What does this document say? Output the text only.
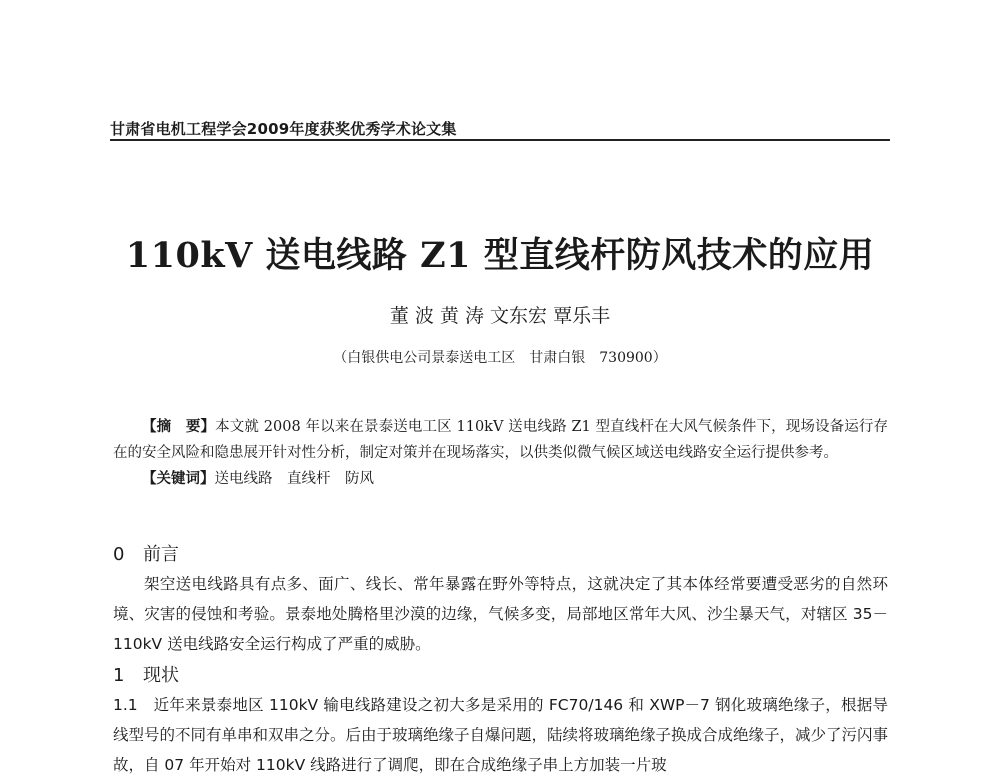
甘肃省电机工程学会2009年度获奖优秀学术论文集
110kV 送电线路 Z1 型直线杆防风技术的应用
董 波 黄 涛 文东宏 覃乐丰
（白银供电公司景泰送电工区　甘肃白银　730900）
【摘　要】本文就 2008 年以来在景泰送电工区 110kV 送电线路 Z1 型直线杆在大风气候条件下，现场设备运行存在的安全风险和隐患展开针对性分析，制定对策并在现场落实，以供类似微气候区域送电线路安全运行提供参考。
【关键词】送电线路　直线杆　防风
0 前言
架空送电线路具有点多、面广、线长、常年暴露在野外等特点，这就决定了其本体经常要遭受恶劣的自然环境、灾害的侵蚀和考验。景泰地处腾格里沙漠的边缘，气候多变，局部地区常年大风、沙尘暴天气，对辖区 35－110kV 送电线路安全运行构成了严重的威胁。
1 现状
1.1　近年来景泰地区 110kV 输电线路建设之初大多是采用的 FC70/146 和 XWP－7 钢化玻璃绝缘子，根据导线型号的不同有单串和双串之分。后由于玻璃绝缘子自爆问题，陆续将玻璃绝缘子换成合成绝缘子，减少了污闪事故，自 07 年开始对 110kV 线路进行了调爬，即在合成绝缘子串上方加装一片玻
